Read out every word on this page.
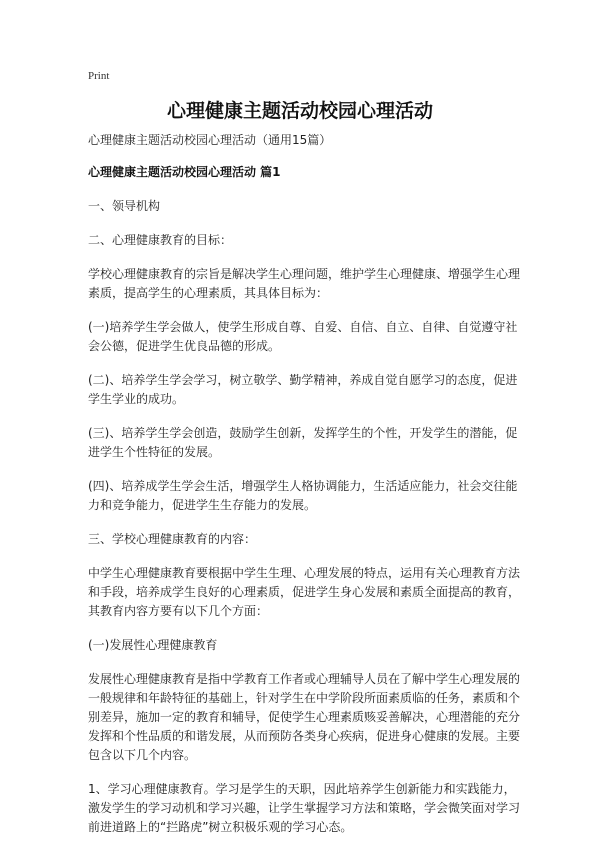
Print
心理健康主题活动校园心理活动

心理健康主题活动校园心理活动（通用15篇）

心理健康主题活动校园心理活动 篇1

一、领导机构

二、心理健康教育的目标：

学校心理健康教育的宗旨是解决学生心理问题，维护学生心理健康、增强学生心理素质，提高学生的心理素质，其具体目标为：

(一)培养学生学会做人，使学生形成自尊、自爱、自信、自立、自律、自觉遵守社会公德，促进学生优良品德的形成。

(二)、培养学生学会学习，树立敬学、勤学精神，养成自觉自愿学习的态度，促进学生学业的成功。

(三)、培养学生学会创造，鼓励学生创新，发挥学生的个性，开发学生的潜能，促进学生个性特征的发展。

(四)、培养成学生学会生活，增强学生人格协调能力，生活适应能力，社会交往能力和竞争能力，促进学生生存能力的发展。

三、学校心理健康教育的内容：

中学生心理健康教育要根据中学生生理、心理发展的特点，运用有关心理教育方法和手段，培养成学生良好的心理素质，促进学生身心发展和素质全面提高的教育，其教育内容方要有以下几个方面：

(一)发展性心理健康教育

发展性心理健康教育是指中学教育工作者或心理辅导人员在了解中学生心理发展的一般规律和年龄特征的基础上，针对学生在中学阶段所面素质临的任务，素质和个别差异，施加一定的教育和辅导，促使学生心理素质赅妥善解决，心理潜能的充分发挥和个性品质的和谐发展，从而预防各类身心疾病，促进身心健康的发展。主要包含以下几个内容。

1、学习心理健康教育。学习是学生的天职，因此培养学生创新能力和实践能力，激发学生的学习动机和学习兴趣，让学生掌握学习方法和策略，学会微笑面对学习前进道路上的“拦路虎”树立积极乐观的学习心态。
